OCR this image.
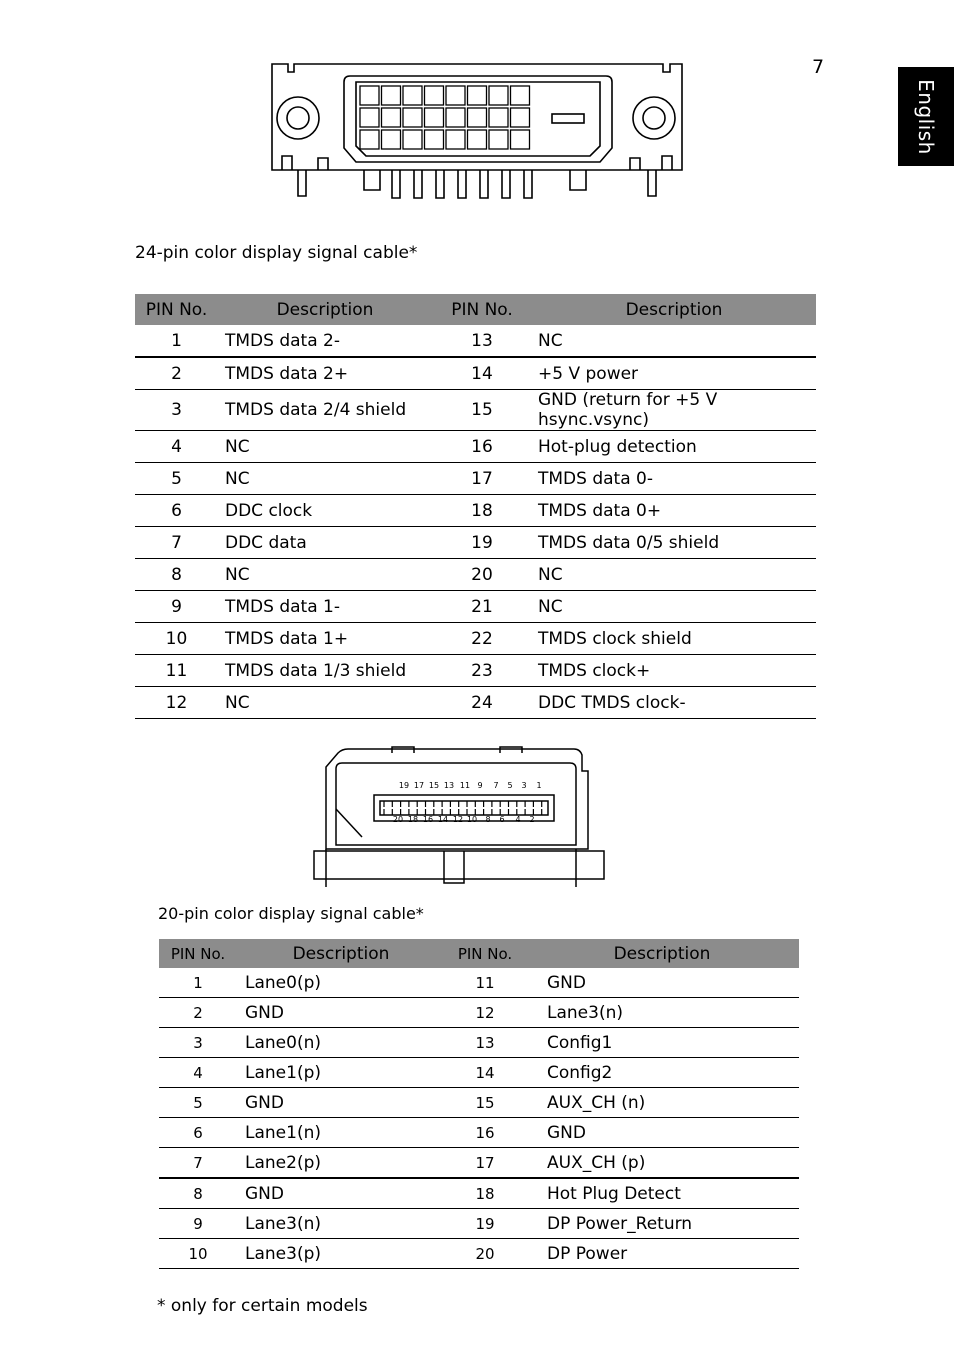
7
English
24-pin color display signal cable*
PIN No.	Description	PIN No.	Description
1	TMDS data 2-	13	NC
2	TMDS data 2+	14	+5 V power
3	TMDS data 2/4 shield	15	GND (return for +5 V hsync.vsync)
4	NC	16	Hot-plug detection
5	NC	17	TMDS data 0-
6	DDC clock	18	TMDS data 0+
7	DDC data	19	TMDS data 0/5 shield
8	NC	20	NC
9	TMDS data 1-	21	NC
10	TMDS data 1+	22	TMDS clock shield
11	TMDS data 1/3 shield	23	TMDS clock+
12	NC	24	DDC TMDS clock-
19 17 15 13 11 9 7 5 3 1
20 18 16 14 12 10 8 6 4 2
20-pin color display signal cable*
PIN No.	Description	PIN No.	Description
1	Lane0(p)	11	GND
2	GND	12	Lane3(n)
3	Lane0(n)	13	Config1
4	Lane1(p)	14	Config2
5	GND	15	AUX_CH (n)
6	Lane1(n)	16	GND
7	Lane2(p)	17	AUX_CH (p)
8	GND	18	Hot Plug Detect
9	Lane3(n)	19	DP Power_Return
10	Lane3(p)	20	DP Power
* only for certain models
